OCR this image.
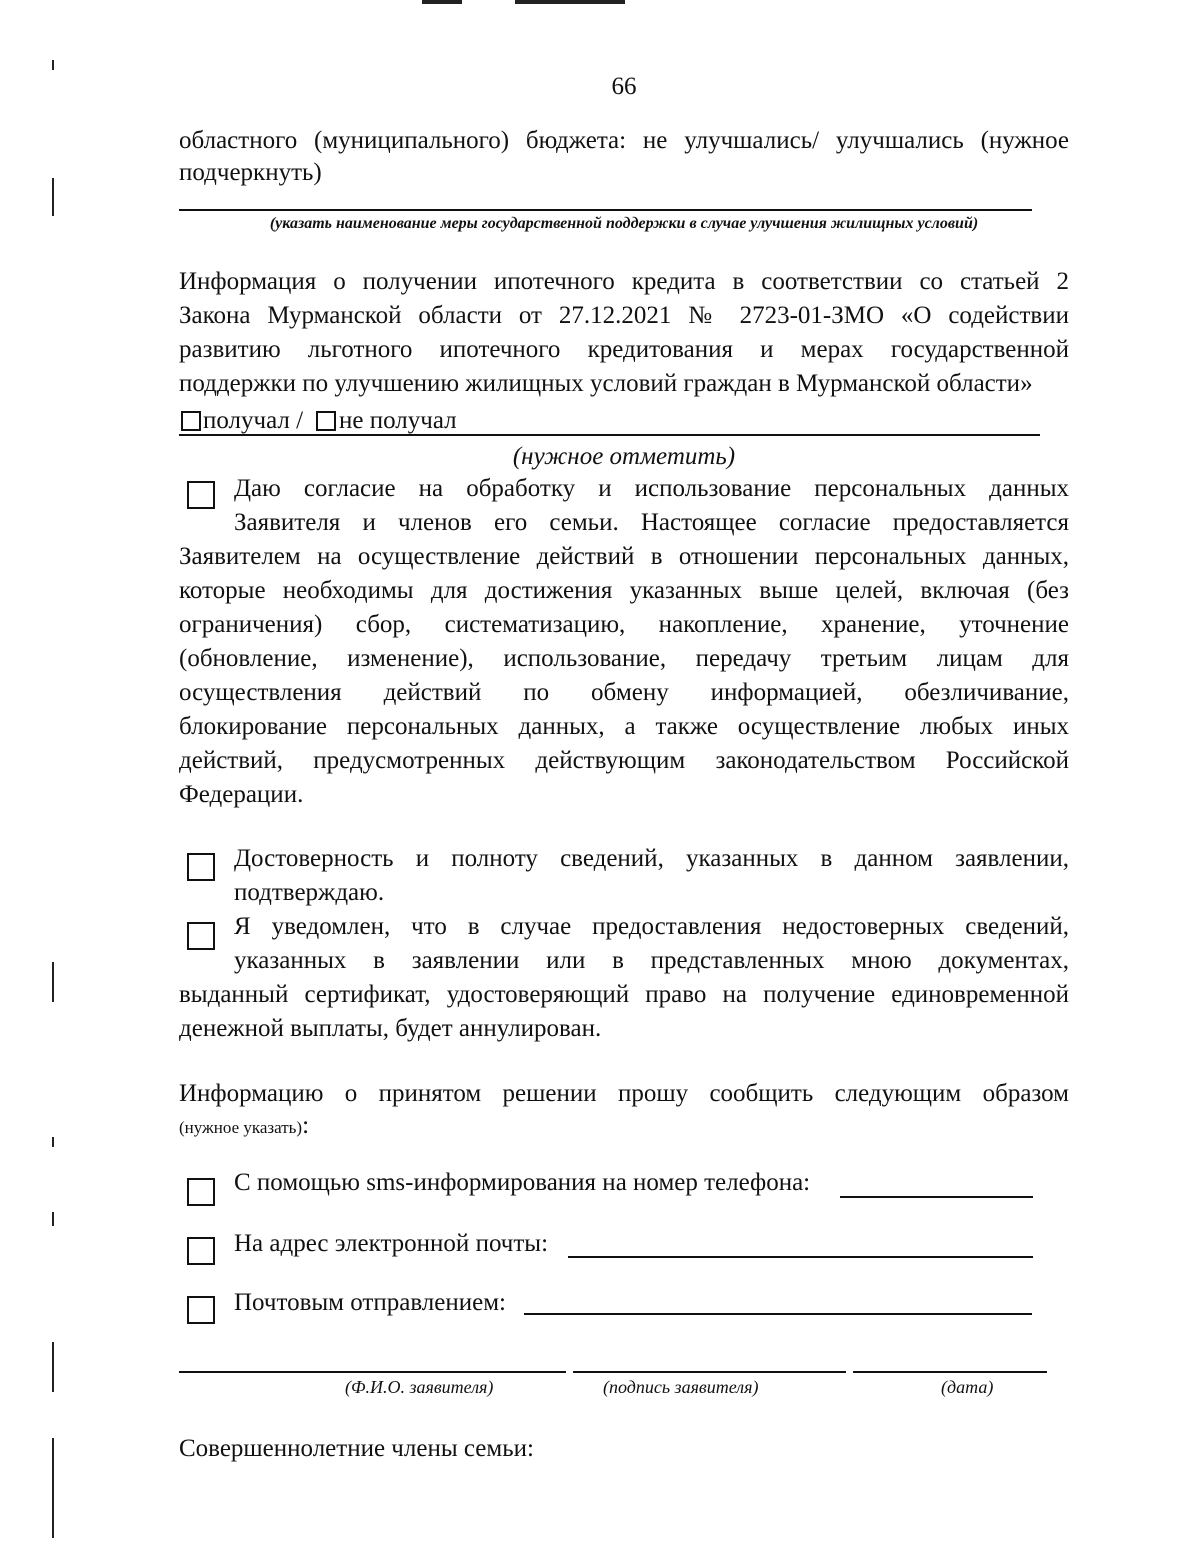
66
областного (муниципального) бюджета: не улучшались/ улучшались (нужное
подчеркнуть)
(указать наименование меры государственной поддержки в случае улучшения жилищных условий)
Информация о получении ипотечного кредита в соответствии со статьей 2
Закона Мурманской области от 27.12.2021 № 2723-01-ЗМО «О содействии
развитию льготного ипотечного кредитования и мерах государственной
поддержки по улучшению жилищных условий граждан в Мурманской области»
получал / не получал
(нужное отметить)
Даю согласие на обработку и использование персональных данных
Заявителя и членов его семьи. Настоящее согласие предоставляется
Заявителем на осуществление действий в отношении персональных данных,
которые необходимы для достижения указанных выше целей, включая (без
ограничения) сбор, систематизацию, накопление, хранение, уточнение
(обновление, изменение), использование, передачу третьим лицам для
осуществления действий по обмену информацией, обезличивание,
блокирование персональных данных, а также осуществление любых иных
действий, предусмотренных действующим законодательством Российской
Федерации.
Достоверность и полноту сведений, указанных в данном заявлении,
подтверждаю.
Я уведомлен, что в случае предоставления недостоверных сведений,
указанных в заявлении или в представленных мною документах,
выданный сертификат, удостоверяющий право на получение единовременной
денежной выплаты, будет аннулирован.
Информацию о принятом решении прошу сообщить следующим образом
(нужное указать):
С помощью sms-информирования на номер телефона:
На адрес электронной почты:
Почтовым отправлением:
(Ф.И.О. заявителя)	(подпись заявителя)	(дата)
Совершеннолетние члены семьи:
